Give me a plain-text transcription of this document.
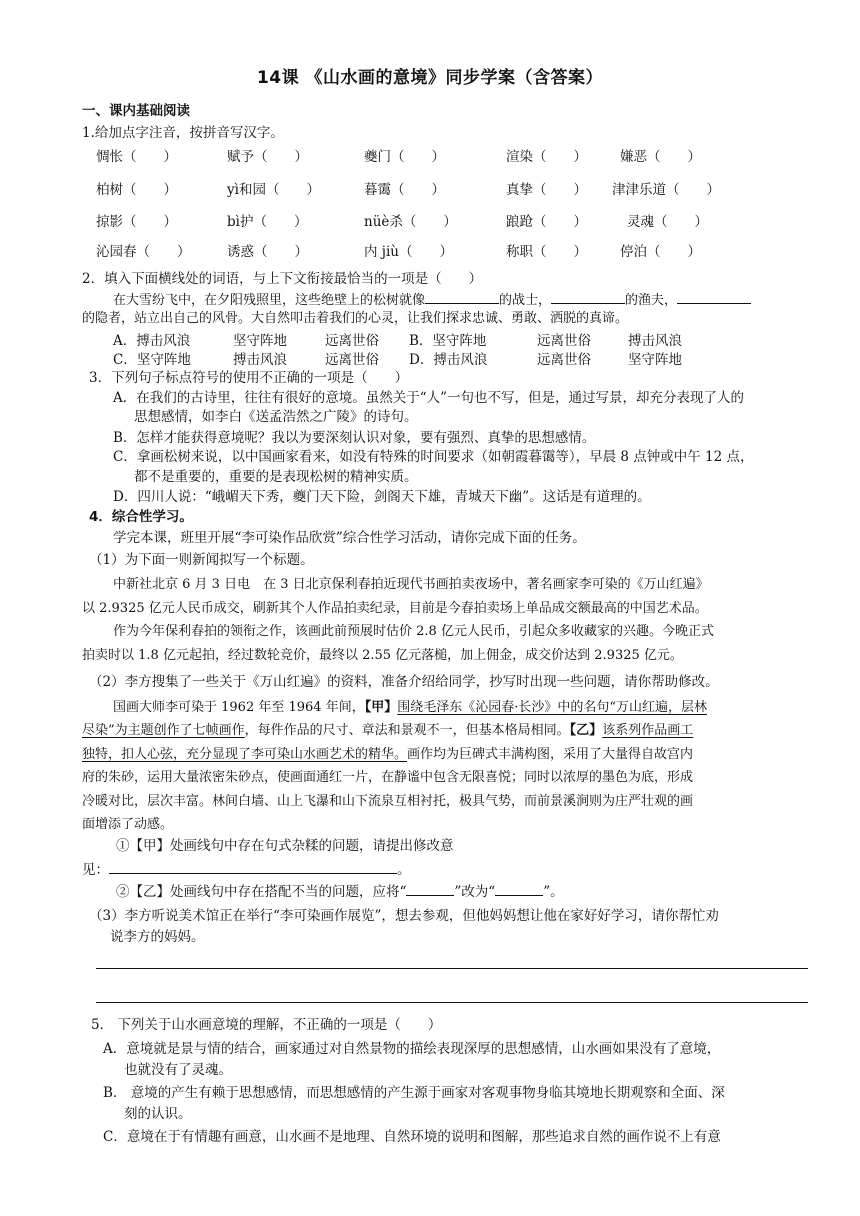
14课 《山水画的意境》同步学案（含答案）
一、课内基础阅读
1.给加点字注音，按拼音写汉字。
惆怅（　　）	赋予（　　）	夔门（　　）	渲染（　　） 嫌恶（　　）
柏树（　　）	yì和园（　　）	暮霭（　　）	真挚（　　） 津津乐道（　　）
掠影（　　）	bì护（　　）	nüè杀（　　）	踉跄（　　）	灵魂（　　）
沁园春（　　）	诱惑（　　）	内 jiù（　　）	称职（　　） 停泊（　　）
2．填入下面横线处的词语，与上下文衔接最恰当的一项是（　　）
在大雪纷飞中，在夕阳残照里，这些绝壁上的松树就像	的战士，	的渔夫，
的隐者，站立出自己的风骨。大自然叩击着我们的心灵，让我们探求忠诚、勇敢、洒脱的真谛。
A．搏击风浪	坚守阵地	远离世俗 B．坚守阵地	远离世俗	搏击风浪
C．坚守阵地	搏击风浪	远离世俗 D．搏击风浪	远离世俗	坚守阵地
3．下列句子标点符号的使用不正确的一项是（　　）
A．在我们的古诗里，往往有很好的意境。虽然关于“人”一句也不写，但是，通过写景，却充分表现了人的
思想感情，如李白《送孟浩然之广陵》的诗句。
B．怎样才能获得意境呢？我以为要深刻认识对象，要有强烈、真挚的思想感情。
C．拿画松树来说，以中国画家看来，如没有特殊的时间要求（如朝霞暮霭等），早晨 8 点钟或中午 12 点，
都不是重要的，重要的是表现松树的精神实质。
D．四川人说：“峨嵋天下秀，夔门天下险，剑阁天下雄，青城天下幽”。这话是有道理的。
4．综合性学习。
学完本课，班里开展“李可染作品欣赏”综合性学习活动，请你完成下面的任务。
（1）为下面一则新闻拟写一个标题。
中新社北京 6 月 3 日电　在 3 日北京保利春拍近现代书画拍卖夜场中，著名画家李可染的《万山红遍》
以 2.9325 亿元人民币成交，刷新其个人作品拍卖纪录，目前是今春拍卖场上单品成交额最高的中国艺术品。
作为今年保利春拍的领衔之作，该画此前预展时估价 2.8 亿元人民币，引起众多收藏家的兴趣。今晚正式
拍卖时以 1.8 亿元起拍，经过数轮竞价，最终以 2.55 亿元落槌，加上佣金，成交价达到 2.9325 亿元。
（2）李方搜集了一些关于《万山红遍》的资料，准备介绍给同学，抄写时出现一些问题，请你帮助修改。
国画大师李可染于 1962 年至 1964 年间，【甲】围绕毛泽东《沁园春·长沙》中的名句“万山红遍，层林
尽染”为主题创作了七帧画作，每件作品的尺寸、章法和景观不一，但基本格局相同。【乙】该系列作品画工
独特，扣人心弦，充分显现了李可染山水画艺术的精华。画作均为巨碑式丰满构图，采用了大量得自故宫内
府的朱砂，运用大量浓密朱砂点，使画面通红一片，在静谧中包含无限喜悦；同时以浓厚的墨色为底，形成
冷暖对比，层次丰富。林间白墙、山上飞瀑和山下流泉互相衬托，极具气势，而前景溪涧则为庄严壮观的画
面增添了动感。
①【甲】处画线句中存在句式杂糅的问题，请提出修改意
见：	。
②【乙】处画线句中存在搭配不当的问题，应将“	”改为“	”。
（3）李方听说美术馆正在举行“李可染画作展览”，想去参观，但他妈妈想让他在家好好学习，请你帮忙劝
说李方的妈妈。
5． 下列关于山水画意境的理解，不正确的一项是（　　）
A．意境就是景与情的结合，画家通过对自然景物的描绘表现深厚的思想感情，山水画如果没有了意境，
也就没有了灵魂。
B． 意境的产生有赖于思想感情，而思想感情的产生源于画家对客观事物身临其境地长期观察和全面、深
刻的认识。
C．意境在于有情趣有画意，山水画不是地理、自然环境的说明和图解，那些追求自然的画作说不上有意
